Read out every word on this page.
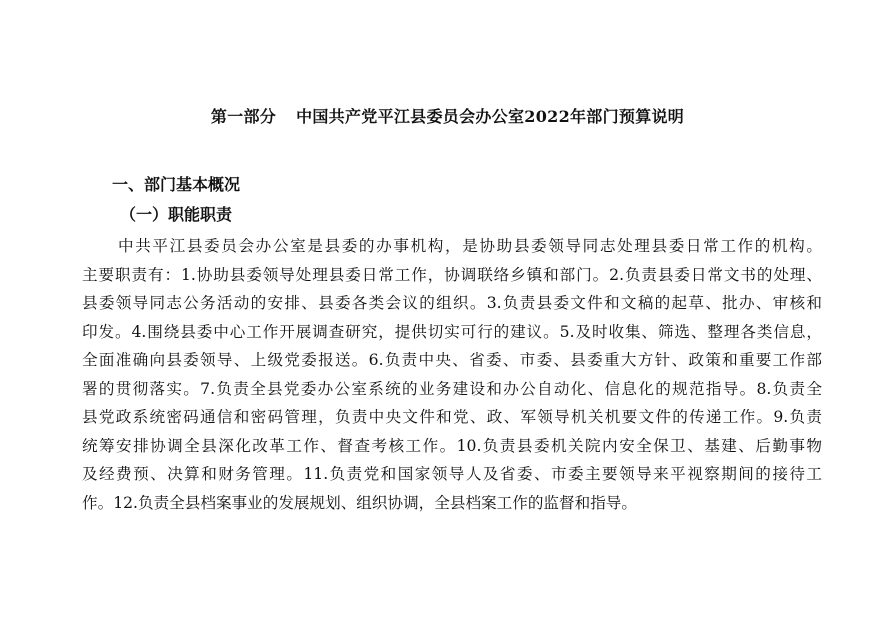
第一部分 中国共产党平江县委员会办公室2022年部门预算说明
一、部门基本概况
（一）职能职责
中共平江县委员会办公室是县委的办事机构，是协助县委领导同志处理县委日常工作的机构。
主要职责有：1.协助县委领导处理县委日常工作，协调联络乡镇和部门。2.负责县委日常文书的处理、
县委领导同志公务活动的安排、县委各类会议的组织。3.负责县委文件和文稿的起草、批办、审核和
印发。4.围绕县委中心工作开展调查研究，提供切实可行的建议。5.及时收集、筛选、整理各类信息，
全面准确向县委领导、上级党委报送。6.负责中央、省委、市委、县委重大方针、政策和重要工作部
署的贯彻落实。7.负责全县党委办公室系统的业务建设和办公自动化、信息化的规范指导。8.负责全
县党政系统密码通信和密码管理，负责中央文件和党、政、军领导机关机要文件的传递工作。9.负责
统筹安排协调全县深化改革工作、督查考核工作。10.负责县委机关院内安全保卫、基建、后勤事物
及经费预、决算和财务管理。11.负责党和国家领导人及省委、市委主要领导来平视察期间的接待工
作。12.负责全县档案事业的发展规划、组织协调，全县档案工作的监督和指导。
